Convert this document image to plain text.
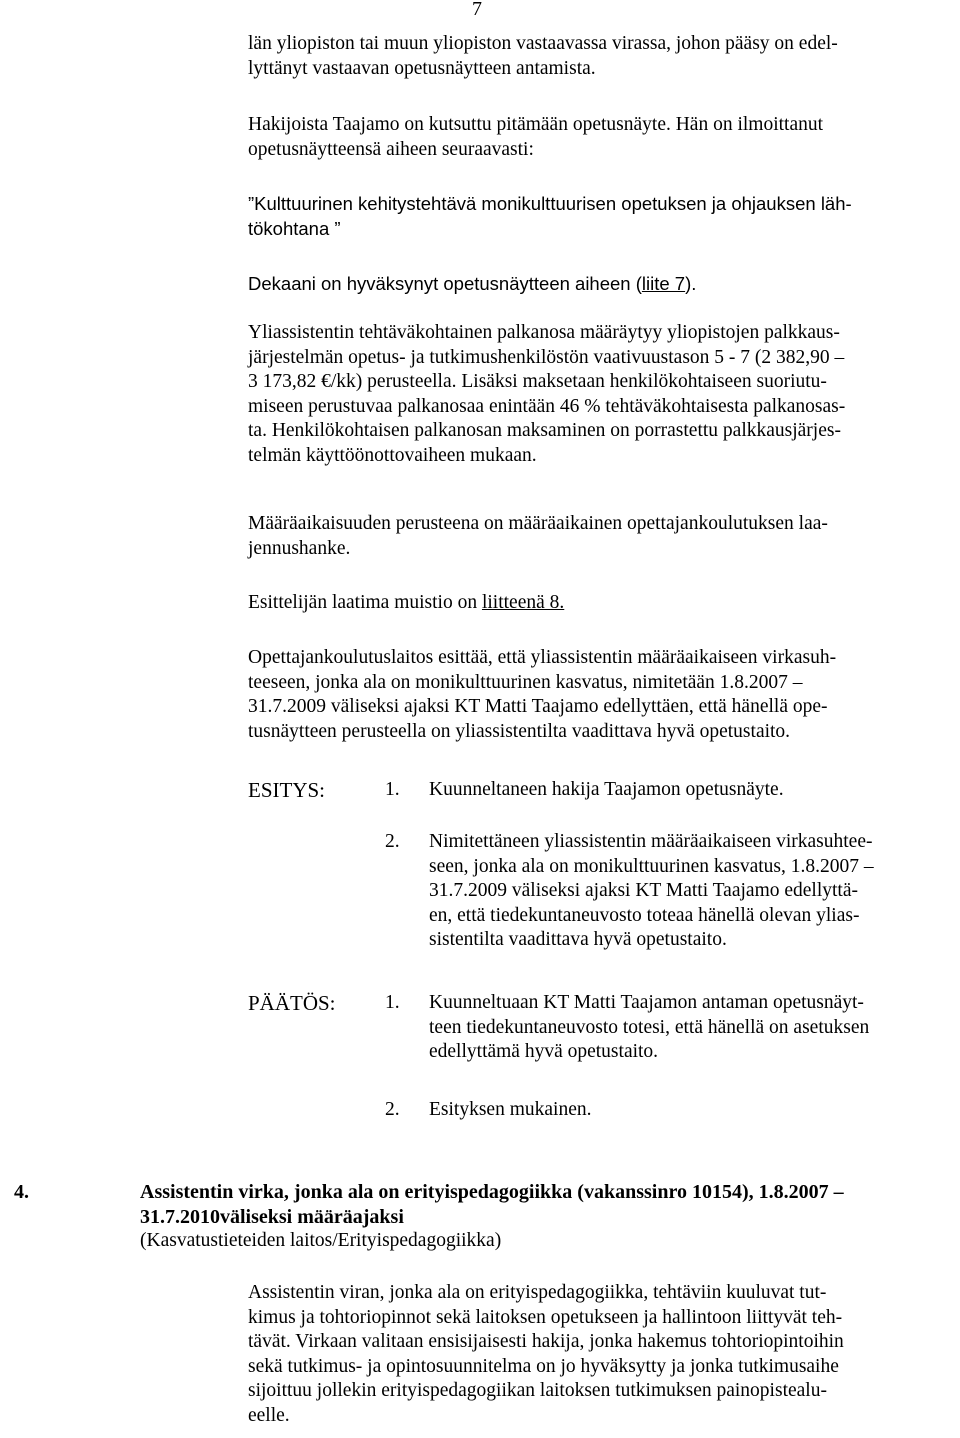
7
län yliopiston tai muun yliopiston vastaavassa virassa, johon pääsy on edel-
lyttänyt vastaavan opetusnäytteen antamista.
Hakijoista Taajamo on kutsuttu pitämään opetusnäyte. Hän on ilmoittanut
opetusnäytteensä aiheen seuraavasti:
”Kulttuurinen kehitystehtävä monikulttuurisen opetuksen ja ohjauksen läh-
tökohtana ”
Dekaani on hyväksynyt opetusnäytteen aiheen (liite 7).
Yliassistentin tehtäväkohtainen palkanosa määräytyy yliopistojen palkkaus-
järjestelmän opetus- ja tutkimushenkilöstön vaativuustason 5 - 7 (2 382,90 –
3 173,82 €/kk) perusteella. Lisäksi maksetaan henkilökohtaiseen suoriutu-
miseen perustuvaa palkanosaa enintään 46 % tehtäväkohtaisesta palkanosas-
ta. Henkilökohtaisen palkanosan maksaminen on porrastettu palkkausjärjes-
telmän käyttöönottovaiheen mukaan.
Määräaikaisuuden perusteena on määräaikainen opettajankoulutuksen laa-
jennushanke.
Esittelijän laatima muistio on liitteenä 8.
Opettajankoulutuslaitos esittää, että yliassistentin määräaikaiseen virkasuh-
teeseen, jonka ala on monikulttuurinen kasvatus, nimitetään 1.8.2007 –
31.7.2009 väliseksi ajaksi KT Matti Taajamo edellyttäen, että hänellä ope-
tusnäytteen perusteella on yliassistentilta vaadittava hyvä opetustaito.
ESITYS:	1. Kuunneltaneen hakija Taajamon opetusnäyte.
2. Nimitettäneen yliassistentin määräaikaiseen virkasuhtee-
seen, jonka ala on monikulttuurinen kasvatus, 1.8.2007 –
31.7.2009 väliseksi ajaksi KT Matti Taajamo edellyttä-
en, että tiedekuntaneuvosto toteaa hänellä olevan ylias-
sistentilta vaadittava hyvä opetustaito.
PÄÄTÖS:	1. Kuunneltuaan KT Matti Taajamon antaman opetusnäyt-
teen tiedekuntaneuvosto totesi, että hänellä on asetuksen
edellyttämä hyvä opetustaito.
2. Esityksen mukainen.
4.	Assistentin virka, jonka ala on erityispedagogiikka (vakanssinro 10154), 1.8.2007 –
31.7.2010väliseksi määräajaksi
(Kasvatustieteiden laitos/Erityispedagogiikka)
Assistentin viran, jonka ala on erityispedagogiikka, tehtäviin kuuluvat tut-
kimus ja tohtoriopinnot sekä laitoksen opetukseen ja hallintoon liittyvät teh-
tävät. Virkaan valitaan ensisijaisesti hakija, jonka hakemus tohtoriopintoihin
sekä tutkimus- ja opintosuunnitelma on jo hyväksytty ja jonka tutkimusaihe
sijoittuu jollekin erityispedagogiikan laitoksen tutkimuksen painopistealu-
eelle.
